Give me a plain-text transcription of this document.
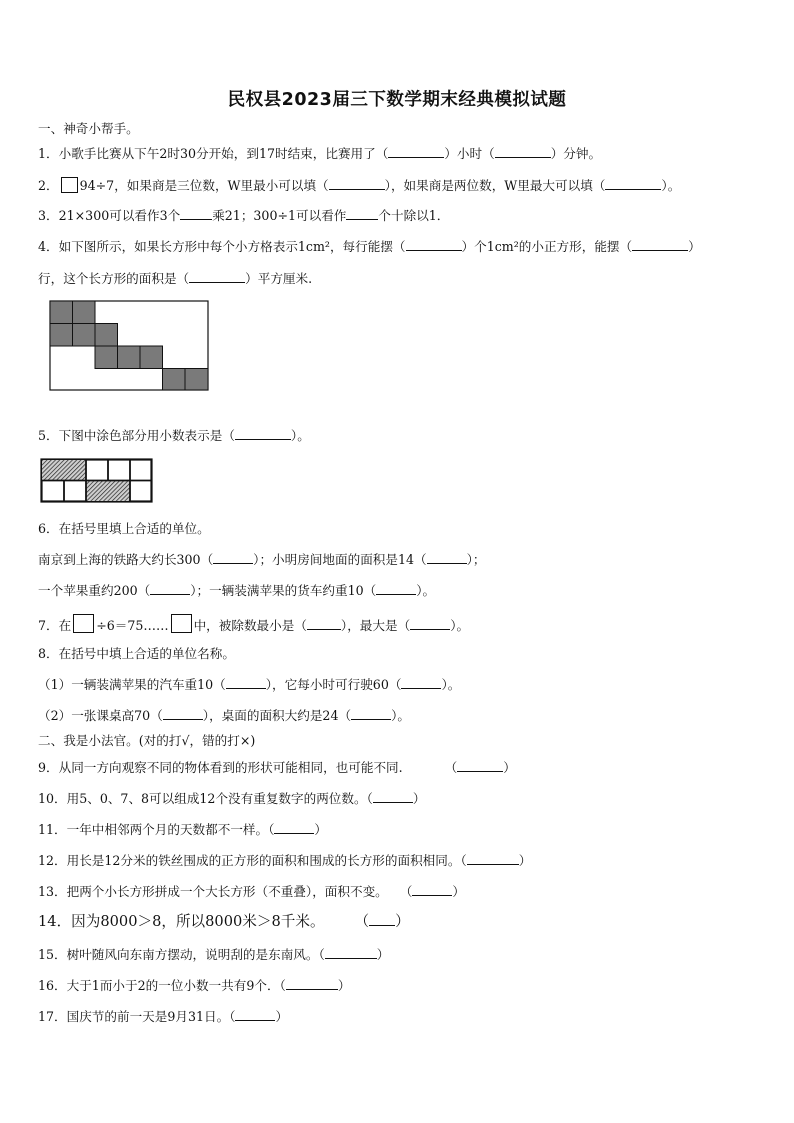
民权县2023届三下数学期末经典模拟试题
一、神奇小帮手。
1．小歌手比赛从下午2时30分开始，到17时结束，比赛用了（	）小时（	）分钟。
2． 94÷7，如果商是三位数，W里最小可以填（	），如果商是两位数，W里最大可以填（	）。
3．21×300可以看作3个	乘21；300÷1可以看作	个十除以1．
4．如下图所示，如果长方形中每个小方格表示1cm²，每行能摆（	）个1cm²的小正方形，能摆（	）
行，这个长方形的面积是（	）平方厘米.
5．下图中涂色部分用小数表示是（	）。
6．在括号里填上合适的单位。
南京到上海的铁路大约长300（	）；小明房间地面的面积是14（	）；
一个苹果重约200（	）；一辆装满苹果的货车约重10（	）。
7．在 ÷6＝75…… 中，被除数最小是（	），最大是（	）。
8．在括号中填上合适的单位名称。
（1）一辆装满苹果的汽车重10（	），它每小时可行驶60（	）。
（2）一张课桌高70（	），桌面的面积大约是24（	）。
二、我是小法官。(对的打√，错的打×)
9．从同一方向观察不同的物体看到的形状可能相同，也可能不同.	（	）
10．用5、0、7、8可以组成12个没有重复数字的两位数。（	）
11．一年中相邻两个月的天数都不一样。（	）
12．用长是12分米的铁丝围成的正方形的面积和围成的长方形的面积相同。（	）
13．把两个小长方形拼成一个大长方形（不重叠），面积不变。 （	）
14．因为8000＞8，所以8000米＞8千米。 （ ）
15．树叶随风向东南方摆动，说明刮的是东南风。（	）
16．大于1而小于2的一位小数一共有9个．（	）
17．国庆节的前一天是9月31日。（	）
